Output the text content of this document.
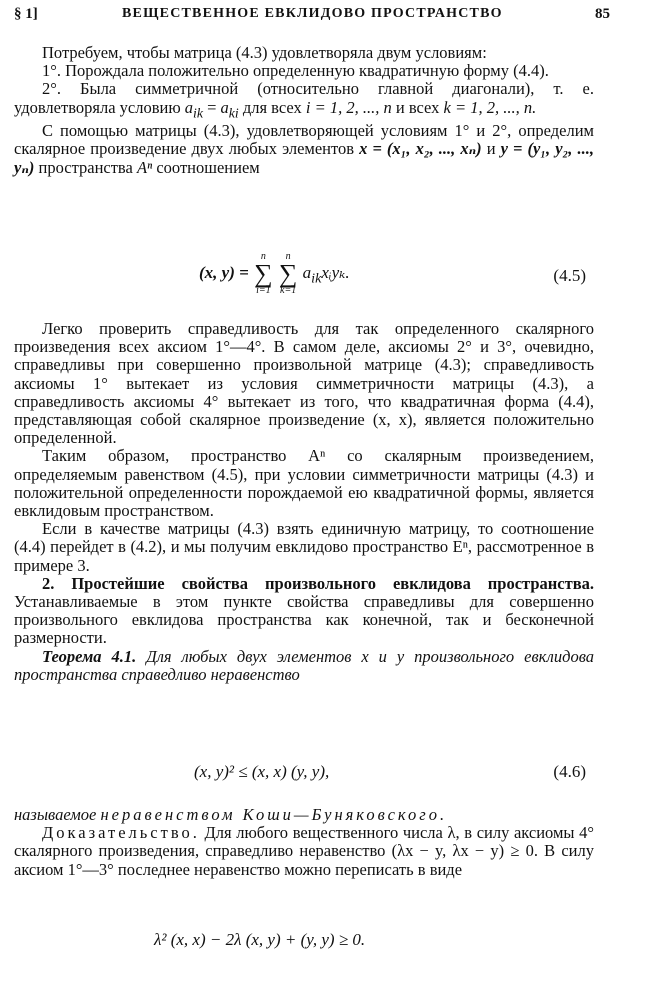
§ 1]	ВЕЩЕСТВЕННОЕ ЕВКЛИДОВО ПРОСТРАНСТВО	85

Потребуем, чтобы матрица (4.3) удовлетворяла двум условиям:

1°. Порождала положительно определенную квадратичную форму (4.4).

2°. Была симметричной (относительно главной диагонали), т. е. удовлетворяла условию $a_{ik} = a_{ki}$ для всех i = 1, 2, ..., n и всех k = 1, 2, ..., n.

С помощью матрицы (4.3), удовлетворяющей условиям 1° и 2°, определим скалярное произведение двух любых элементов x = (x₁, x₂, ..., xₙ) и y = (y₁, y₂, ..., yₙ) пространства Aⁿ соотношением

(x, y) =
n
∑
i=1

n
∑
k=1
$a_{ik}xᵢy_k$.	(4.5)

Легко проверить справедливость для так определенного скалярного произведения всех аксиом 1°—4°. В самом деле, аксиомы 2° и 3°, очевидно, справедливы при совершенно произвольной матрице (4.3); справедливость аксиомы 1° вытекает из условия симметричности матрицы (4.3), а справедливость аксиомы 4° вытекает из того, что квадратичная форма (4.4), представляющая собой скалярное произведение (x, x), является положительно определенной.

Таким образом, пространство Aⁿ со скалярным произведением, определяемым равенством (4.5), при условии симметричности матрицы (4.3) и положительной определенности порождаемой ею квадратичной формы, является евклидовым пространством.

Если в качестве матрицы (4.3) взять единичную матрицу, то соотношение (4.4) перейдет в (4.2), и мы получим евклидово пространство Eⁿ, рассмотренное в примере 3.

2. Простейшие свойства произвольного евклидова пространства. Устанавливаемые в этом пункте свойства справедливы для совершенно произвольного евклидова пространства как конечной, так и бесконечной размерности.

Теорема 4.1. Для любых двух элементов x и y произвольного евклидова пространства справедливо неравенство

(x, y)² ≤ (x, x) (y, y),	(4.6)

называемое неравенством Коши—Буняковского.

Доказательство. Для любого вещественного числа λ, в силу аксиомы 4° скалярного произведения, справедливо неравенство (λx − y, λx − y) ≥ 0. В силу аксиом 1°—3° последнее неравенство можно переписать в виде

λ² (x, x) − 2λ (x, y) + (y, y) ≥ 0.
